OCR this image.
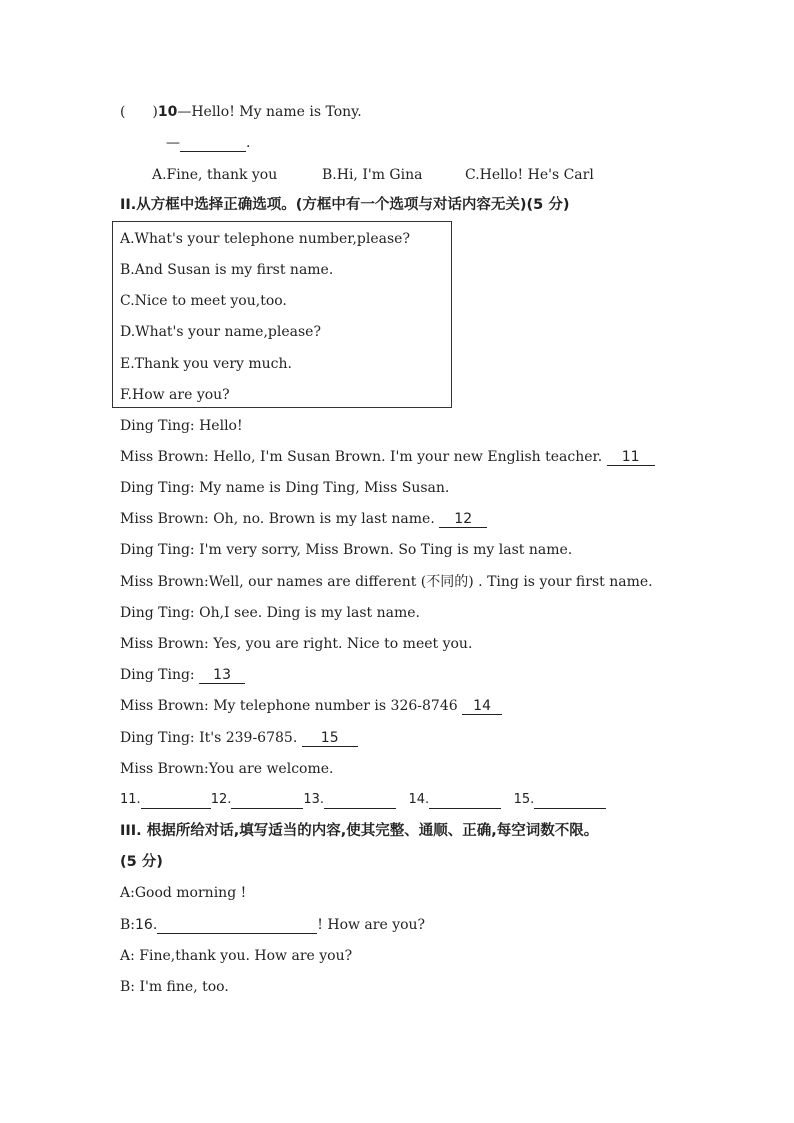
( )10—Hello! My name is Tony.
—	.
A.Fine, thank you	B.Hi, I'm Gina	C.Hello! He's Carl
II.从方框中选择正确选项。(方框中有一个选项与对话内容无关)(5 分)
A.What's your telephone number,please?
B.And Susan is my first name.
C.Nice to meet you,too.
D.What's your name,please?
E.Thank you very much.
F.How are you?
Ding Ting: Hello!
Miss Brown: Hello, I'm Susan Brown. I'm your new English teacher. 11
Ding Ting: My name is Ding Ting, Miss Susan.
Miss Brown: Oh, no. Brown is my last name. 12
Ding Ting: I'm very sorry, Miss Brown. So Ting is my last name.
Miss Brown:Well, our names are different (不同的) . Ting is your first name.
Ding Ting: Oh,I see. Ding is my last name.
Miss Brown: Yes, you are right. Nice to meet you.
Ding Ting: 13
Miss Brown: My telephone number is 326-8746 14
Ding Ting: It's 239-6785. 15
Miss Brown:You are welcome.
11.	12.	13.	14.	15.
III. 根据所给对话,填写适当的内容,使其完整、通顺、正确,每空词数不限。
(5 分)
A:Good morning !
B:16.	! How are you?
A: Fine,thank you. How are you?
B: I'm fine, too.
